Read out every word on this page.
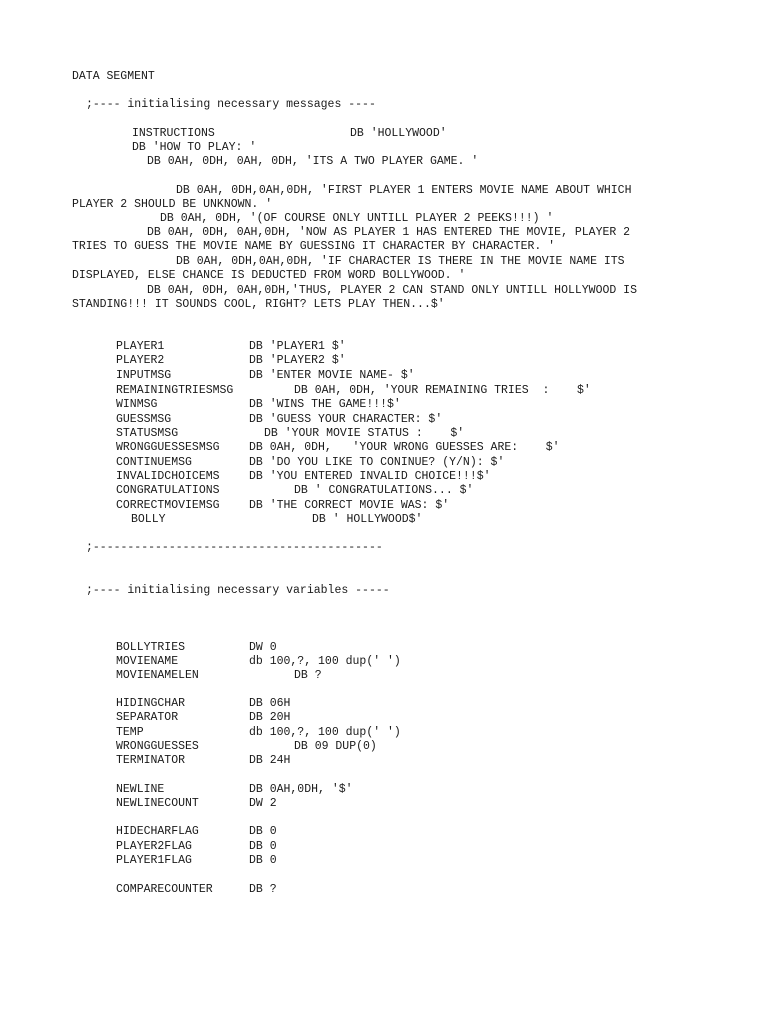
DATA SEGMENT
;---- initialising necessary messages ----
INSTRUCTIONS	DB 'HOLLYWOOD'
DB 'HOW TO PLAY: '
DB 0AH, 0DH, 0AH, 0DH, 'ITS A TWO PLAYER GAME. '
DB 0AH, 0DH,0AH,0DH, 'FIRST PLAYER 1 ENTERS MOVIE NAME ABOUT WHICH
PLAYER 2 SHOULD BE UNKNOWN. '
DB 0AH, 0DH, '(OF COURSE ONLY UNTILL PLAYER 2 PEEKS!!!) '
DB 0AH, 0DH, 0AH,0DH, 'NOW AS PLAYER 1 HAS ENTERED THE MOVIE, PLAYER 2
TRIES TO GUESS THE MOVIE NAME BY GUESSING IT CHARACTER BY CHARACTER. '
DB 0AH, 0DH,0AH,0DH, 'IF CHARACTER IS THERE IN THE MOVIE NAME ITS
DISPLAYED, ELSE CHANCE IS DEDUCTED FROM WORD BOLLYWOOD. '
DB 0AH, 0DH, 0AH,0DH,'THUS, PLAYER 2 CAN STAND ONLY UNTILL HOLLYWOOD IS
STANDING!!! IT SOUNDS COOL, RIGHT? LETS PLAY THEN...$'
PLAYER1	DB 'PLAYER1 $'
PLAYER2	DB 'PLAYER2 $'
INPUTMSG	DB 'ENTER MOVIE NAME- $'
REMAININGTRIESMSG	DB 0AH, 0DH, 'YOUR REMAINING TRIES  :    $'
WINMSG	DB 'WINS THE GAME!!!$'
GUESSMSG	DB 'GUESS YOUR CHARACTER: $'
STATUSMSG	DB 'YOUR MOVIE STATUS :    $'
WRONGGUESSESMSG	DB 0AH, 0DH,   'YOUR WRONG GUESSES ARE:    $'
CONTINUEMSG	DB 'DO YOU LIKE TO CONINUE? (Y/N): $'
INVALIDCHOICEMS	DB 'YOU ENTERED INVALID CHOICE!!!$'
CONGRATULATIONS	DB ' CONGRATULATIONS... $'
CORRECTMOVIEMSG	DB 'THE CORRECT MOVIE WAS: $'
BOLLY	DB ' HOLLYWOOD$'
;------------------------------------------
;---- initialising necessary variables -----
BOLLYTRIES	DW 0
MOVIENAME	db 100,?, 100 dup(' ')
MOVIENAMELEN	DB ?
HIDINGCHAR	DB 06H
SEPARATOR	DB 20H
TEMP	db 100,?, 100 dup(' ')
WRONGGUESSES	DB 09 DUP(0)
TERMINATOR	DB 24H
NEWLINE	DB 0AH,0DH, '$'
NEWLINECOUNT	DW 2
HIDECHARFLAG	DB 0
PLAYER2FLAG	DB 0
PLAYER1FLAG	DB 0
COMPARECOUNTER	DB ?
